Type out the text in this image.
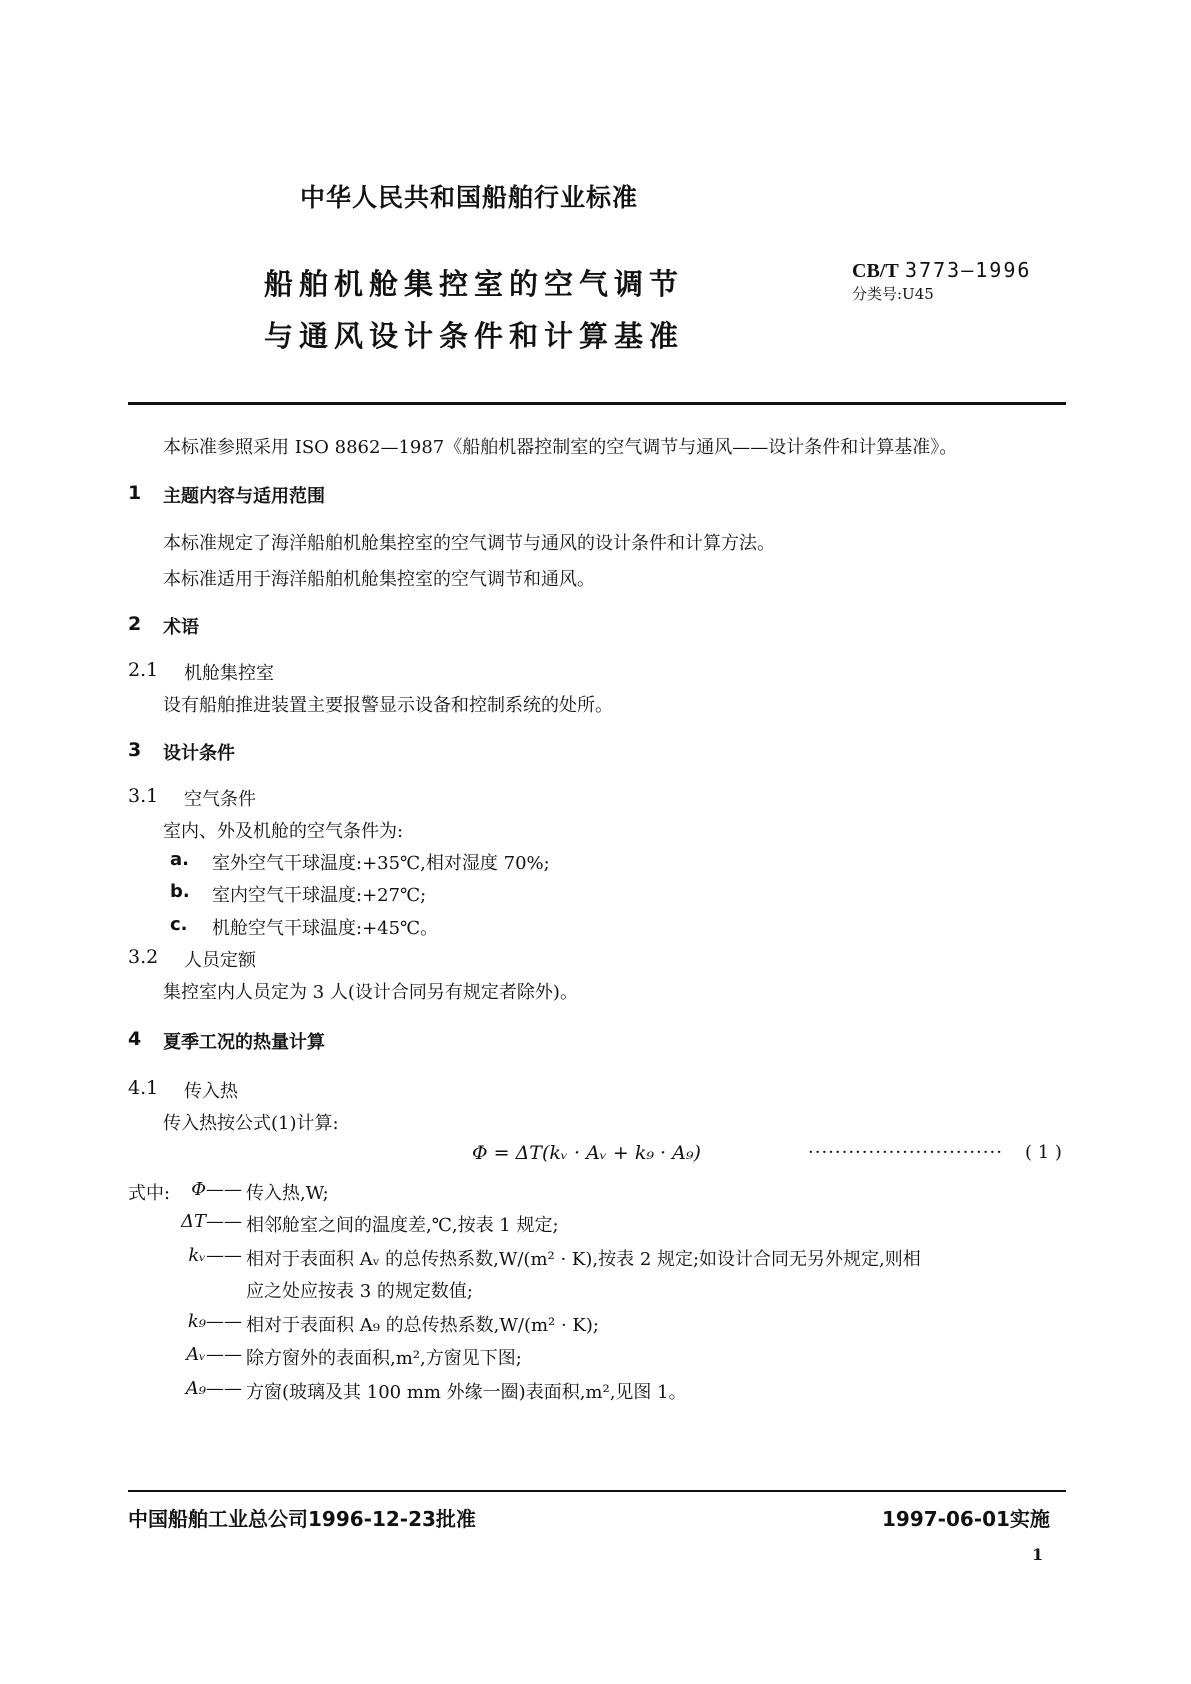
中华人民共和国船舶行业标准
船舶机舱集控室的空气调节
与通风设计条件和计算基准
CB/T 3773—1996
分类号:U45
本标准参照采用 ISO 8862—1987《船舶机器控制室的空气调节与通风——设计条件和计算基准》。
1 主题内容与适用范围
本标准规定了海洋船舶机舱集控室的空气调节与通风的设计条件和计算方法。
本标准适用于海洋船舶机舱集控室的空气调节和通风。
2 术语
2.1 机舱集控室
设有船舶推进装置主要报警显示设备和控制系统的处所。
3 设计条件
3.1 空气条件
室内、外及机舱的空气条件为:
a. 室外空气干球温度:+35℃,相对湿度 70%;
b. 室内空气干球温度:+27℃;
c. 机舱空气干球温度:+45℃。
3.2 人员定额
集控室内人员定为 3 人(设计合同另有规定者除外)。
4 夏季工况的热量计算
4.1 传入热
传入热按公式(1)计算:
Φ = ΔT(kᵥ · Aᵥ + k₉ · A₉)	····························· ( 1 )
式中:	Φ—— 传入热,W;
ΔT—— 相邻舱室之间的温度差,℃,按表 1 规定;
kᵥ—— 相对于表面积 Aᵥ 的总传热系数,W/(m² · K),按表 2 规定;如设计合同无另外规定,则相
应之处应按表 3 的规定数值;
k₉—— 相对于表面积 A₉ 的总传热系数,W/(m² · K);
Aᵥ—— 除方窗外的表面积,m²,方窗见下图;
A₉—— 方窗(玻璃及其 100 mm 外缘一圈)表面积,m²,见图 1。
中国船舶工业总公司1996-12-23批准	1997-06-01实施
1
